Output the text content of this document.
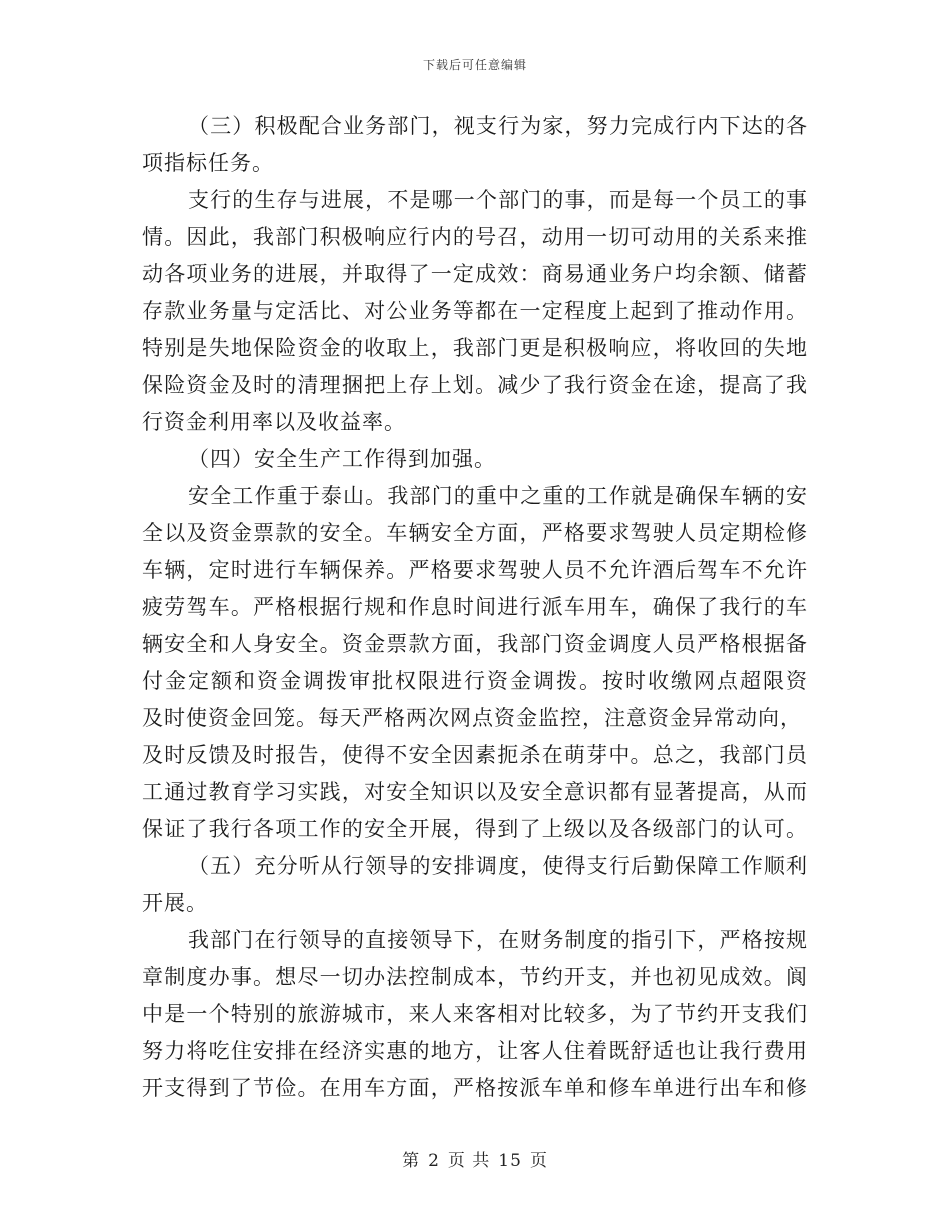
下载后可任意编辑
（三）积极配合业务部门，视支行为家，努力完成行内下达的各
项指标任务。
支行的生存与进展，不是哪一个部门的事，而是每一个员工的事
情。因此，我部门积极响应行内的号召，动用一切可动用的关系来推
动各项业务的进展，并取得了一定成效：商易通业务户均余额、储蓄
存款业务量与定活比、对公业务等都在一定程度上起到了推动作用。
特别是失地保险资金的收取上，我部门更是积极响应，将收回的失地
保险资金及时的清理捆把上存上划。减少了我行资金在途，提高了我
行资金利用率以及收益率。
（四）安全生产工作得到加强。
安全工作重于泰山。我部门的重中之重的工作就是确保车辆的安
全以及资金票款的安全。车辆安全方面，严格要求驾驶人员定期检修
车辆，定时进行车辆保养。严格要求驾驶人员不允许酒后驾车不允许
疲劳驾车。严格根据行规和作息时间进行派车用车，确保了我行的车
辆安全和人身安全。资金票款方面，我部门资金调度人员严格根据备
付金定额和资金调拨审批权限进行资金调拨。按时收缴网点超限资
及时使资金回笼。每天严格两次网点资金监控，注意资金异常动向，
及时反馈及时报告，使得不安全因素扼杀在萌芽中。总之，我部门员
工通过教育学习实践，对安全知识以及安全意识都有显著提高，从而
保证了我行各项工作的安全开展，得到了上级以及各级部门的认可。
（五）充分听从行领导的安排调度，使得支行后勤保障工作顺利
开展。
我部门在行领导的直接领导下，在财务制度的指引下，严格按规
章制度办事。想尽一切办法控制成本，节约开支，并也初见成效。阆
中是一个特别的旅游城市，来人来客相对比较多，为了节约开支我们
努力将吃住安排在经济实惠的地方，让客人住着既舒适也让我行费用
开支得到了节俭。在用车方面，严格按派车单和修车单进行出车和修
第 2 页 共 15 页
